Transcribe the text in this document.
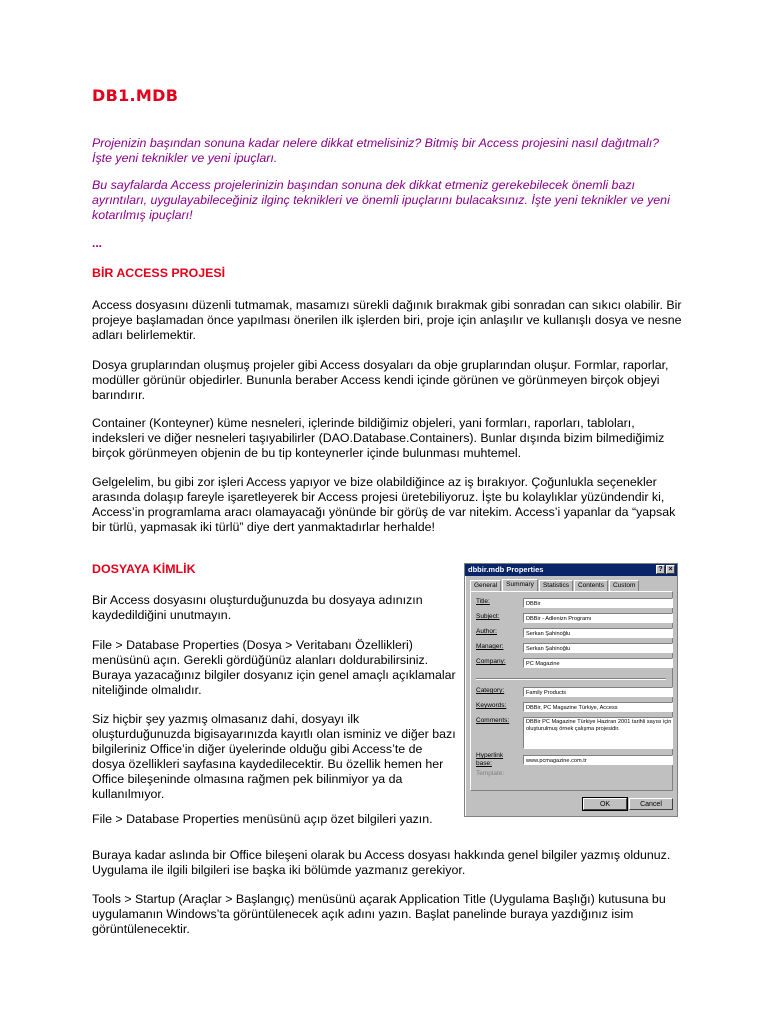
DB1.MDB

Projenizin başından sonuna kadar nelere dikkat etmelisiniz? Bitmiş bir Access projesini nasıl dağıtmalı? İşte yeni teknikler ve yeni ipuçları.

Bu sayfalarda Access projelerinizin başından sonuna dek dikkat etmeniz gerekebilecek önemli bazı ayrıntıları, uygulayabileceğiniz ilginç teknikleri ve önemli ipuçlarını bulacaksınız. İşte yeni teknikler ve yeni kotarılmış ipuçları!

...

BİR ACCESS PROJESİ

Access dosyasını düzenli tutmamak, masamızı sürekli dağınık bırakmak gibi sonradan can sıkıcı olabilir. Bir projeye başlamadan önce yapılması önerilen ilk işlerden biri, proje için anlaşılır ve kullanışlı dosya ve nesne adları belirlemektir.

Dosya gruplarından oluşmuş projeler gibi Access dosyaları da obje gruplarından oluşur. Formlar, raporlar, modüller görünür objedirler. Bununla beraber Access kendi içinde görünen ve görünmeyen birçok objeyi barındırır.

Container (Konteyner) küme nesneleri, içlerinde bildiğimiz objeleri, yani formları, raporları, tabloları, indeksleri ve diğer nesneleri taşıyabilirler (DAO.Database.Containers). Bunlar dışında bizim bilmediğimiz birçok görünmeyen objenin de bu tip konteynerler içinde bulunması muhtemel.

Gelgelelim, bu gibi zor işleri Access yapıyor ve bize olabildiğince az iş bırakıyor. Çoğunlukla seçenekler arasında dolaşıp fareyle işaretleyerek bir Access projesi üretebiliyoruz. İşte bu kolaylıklar yüzündendir ki, Access’in programlama aracı olamayacağı yönünde bir görüş de var nitekim. Access’i yapanlar da “yapsak bir türlü, yapmasak iki türlü” diye dert yanmaktadırlar herhalde!

DOSYAYA KİMLİK

Bir Access dosyasını oluşturduğunuzda bu dosyaya adınızın kaydedildiğini unutmayın.

File > Database Properties (Dosya > Veritabanı Özellikleri) menüsünü açın. Gerekli gördüğünüz alanları doldurabilirsiniz. Buraya yazacağınız bilgiler dosyanız için genel amaçlı açıklamalar niteliğinde olmalıdır.

Siz hiçbir şey yazmış olmasanız dahi, dosyayı ilk oluşturduğunuzda bigisayarınızda kayıtlı olan isminiz ve diğer bazı bilgileriniz Office’in diğer üyelerinde olduğu gibi Access’te de dosya özellikleri sayfasına kaydedilecektir. Bu özellik hemen her Office bileşeninde olmasına rağmen pek bilinmiyor ya da kullanılmıyor.

File > Database Properties menüsünü açıp özet bilgileri yazın.

Buraya kadar aslında bir Office bileşeni olarak bu Access dosyası hakkında genel bilgiler yazmış oldunuz. Uygulama ile ilgili bilgileri ise başka iki bölümde yazmanız gerekiyor.

Tools > Startup (Araçlar > Başlangıç) menüsünü açarak Application Title (Uygulama Başlığı) kutusuna bu uygulamanın Windows’ta görüntülenecek açık adını yazın. Başlat panelinde buraya yazdığınız isim görüntülenecektir.

dbbir.mdb Properties	? ×
General	Summary	Statistics	Contents	Custom
Title:	DBBir
Subject:	DBBir - Adlenizn Programı
Author:	Serkan Şahinoğlu
Manager:	Serkan Şahinoğlu
Company:	PC Magazine
Category:	Family Products
Keywords:	DBBir, PC Magazine Türkiye, Access
Comments:	DBBir PC Magazine Türkiye Haziran 2001 tarihli sayısı için oluşturulmuş örnek çalışma projesidir.
Hyperlink base:	www.pcmagazine.com.tr
Template:
OK	Cancel
